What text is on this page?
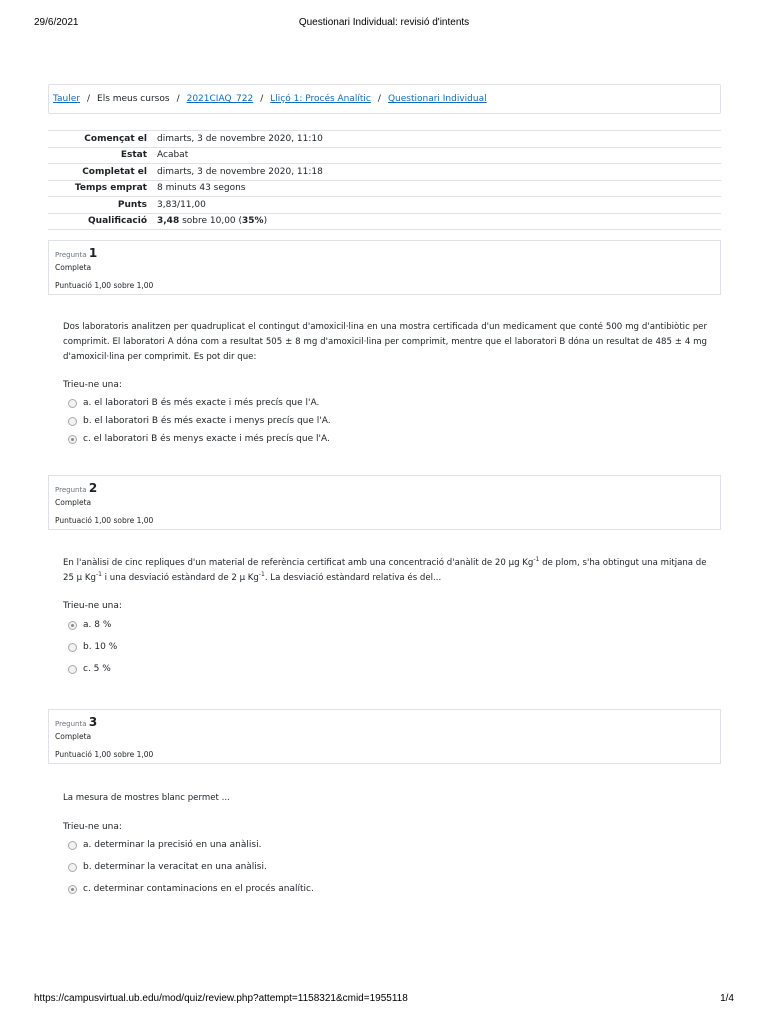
29/6/2021	Questionari Individual: revisió d'intents
Tauler / Els meus cursos / 2021CIAQ_722 / Lliçó 1: Procés Analític / Questionari Individual
Començat el	dimarts, 3 de novembre 2020, 11:10
Estat	Acabat
Completat el	dimarts, 3 de novembre 2020, 11:18
Temps emprat	8 minuts 43 segons
Punts	3,83/11,00
Qualificació	3,48 sobre 10,00 (35%)
Pregunta 1
Completa
Puntuació 1,00 sobre 1,00
Dos laboratoris analitzen per quadruplicat el contingut d'amoxicil·lina en una mostra certificada d'un medicament que conté 500 mg d'antibiòtic per comprimit. El laboratori A dóna com a resultat 505 ± 8 mg d'amoxicil·lina per comprimit, mentre que el laboratori B dóna un resultat de 485 ± 4 mg d'amoxicil·lina per comprimit. Es pot dir que:
Trieu-ne una:
a. el laboratori B és més exacte i més precís que l'A.
b. el laboratori B és més exacte i menys precís que l'A.
c. el laboratori B és menys exacte i més precís que l'A.
Pregunta 2
Completa
Puntuació 1,00 sobre 1,00
En l'anàlisi de cinc repliques d'un material de referència certificat amb una concentració d'anàlit de 20 µg $Kg^{-1}$ de plom, s'ha obtingut una mitjana de 25 µ $Kg^{-1}$ i una desviació estàndard de 2 µ $Kg^{-1}$. La desviació estàndard relativa és del...
Trieu-ne una:
a. 8 %
b. 10 %
c. 5 %
Pregunta 3
Completa
Puntuació 1,00 sobre 1,00
La mesura de mostres blanc permet ...
Trieu-ne una:
a. determinar la precisió en una anàlisi.
b. determinar la veracitat en una anàlisi.
c. determinar contaminacions en el procés analític.
https://campusvirtual.ub.edu/mod/quiz/review.php?attempt=1158321&cmid=1955118	1/4
